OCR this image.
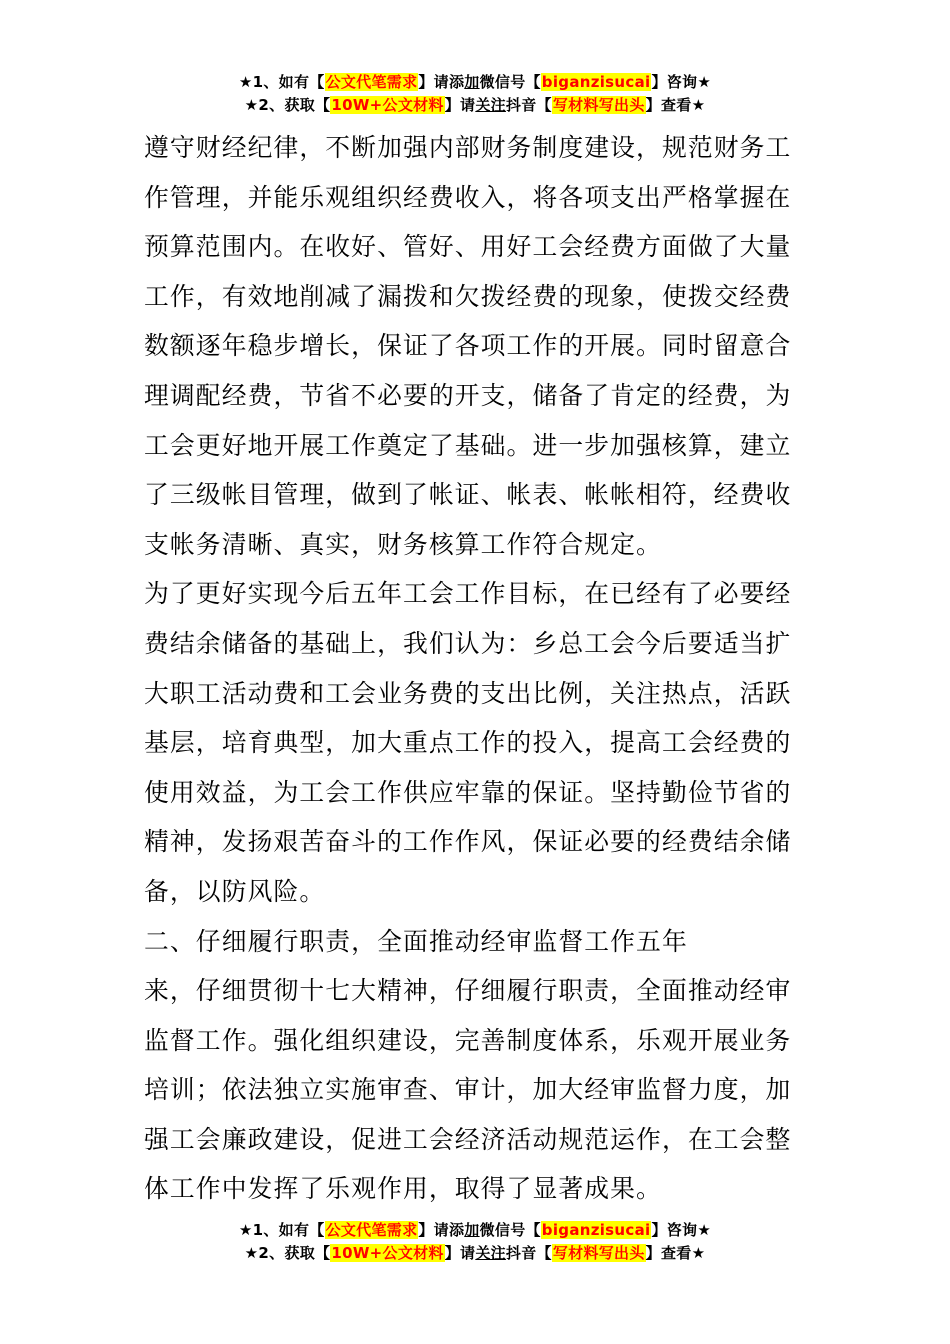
★1、如有【公文代笔需求】请添加微信号【biganzisucai】咨询★
★2、获取【10W+公文材料】请关注抖音【写材料写出头】查看★
遵守财经纪律，不断加强内部财务制度建设，规范财务工
作管理，并能乐观组织经费收入，将各项支出严格掌握在
预算范围内。在收好、管好、用好工会经费方面做了大量
工作，有效地削减了漏拨和欠拨经费的现象，使拨交经费
数额逐年稳步增长，保证了各项工作的开展。同时留意合
理调配经费，节省不必要的开支，储备了肯定的经费，为
工会更好地开展工作奠定了基础。进一步加强核算，建立
了三级帐目管理，做到了帐证、帐表、帐帐相符，经费收
支帐务清晰、真实，财务核算工作符合规定。
为了更好实现今后五年工会工作目标，在已经有了必要经
费结余储备的基础上，我们认为：乡总工会今后要适当扩
大职工活动费和工会业务费的支出比例，关注热点，活跃
基层，培育典型，加大重点工作的投入，提高工会经费的
使用效益，为工会工作供应牢靠的保证。坚持勤俭节省的
精神，发扬艰苦奋斗的工作作风，保证必要的经费结余储
备，以防风险。
二、仔细履行职责，全面推动经审监督工作五年
来，仔细贯彻十七大精神，仔细履行职责，全面推动经审
监督工作。强化组织建设，完善制度体系，乐观开展业务
培训；依法独立实施审查、审计，加大经审监督力度，加
强工会廉政建设，促进工会经济活动规范运作，在工会整
体工作中发挥了乐观作用，取得了显著成果。
★1、如有【公文代笔需求】请添加微信号【biganzisucai】咨询★
★2、获取【10W+公文材料】请关注抖音【写材料写出头】查看★
